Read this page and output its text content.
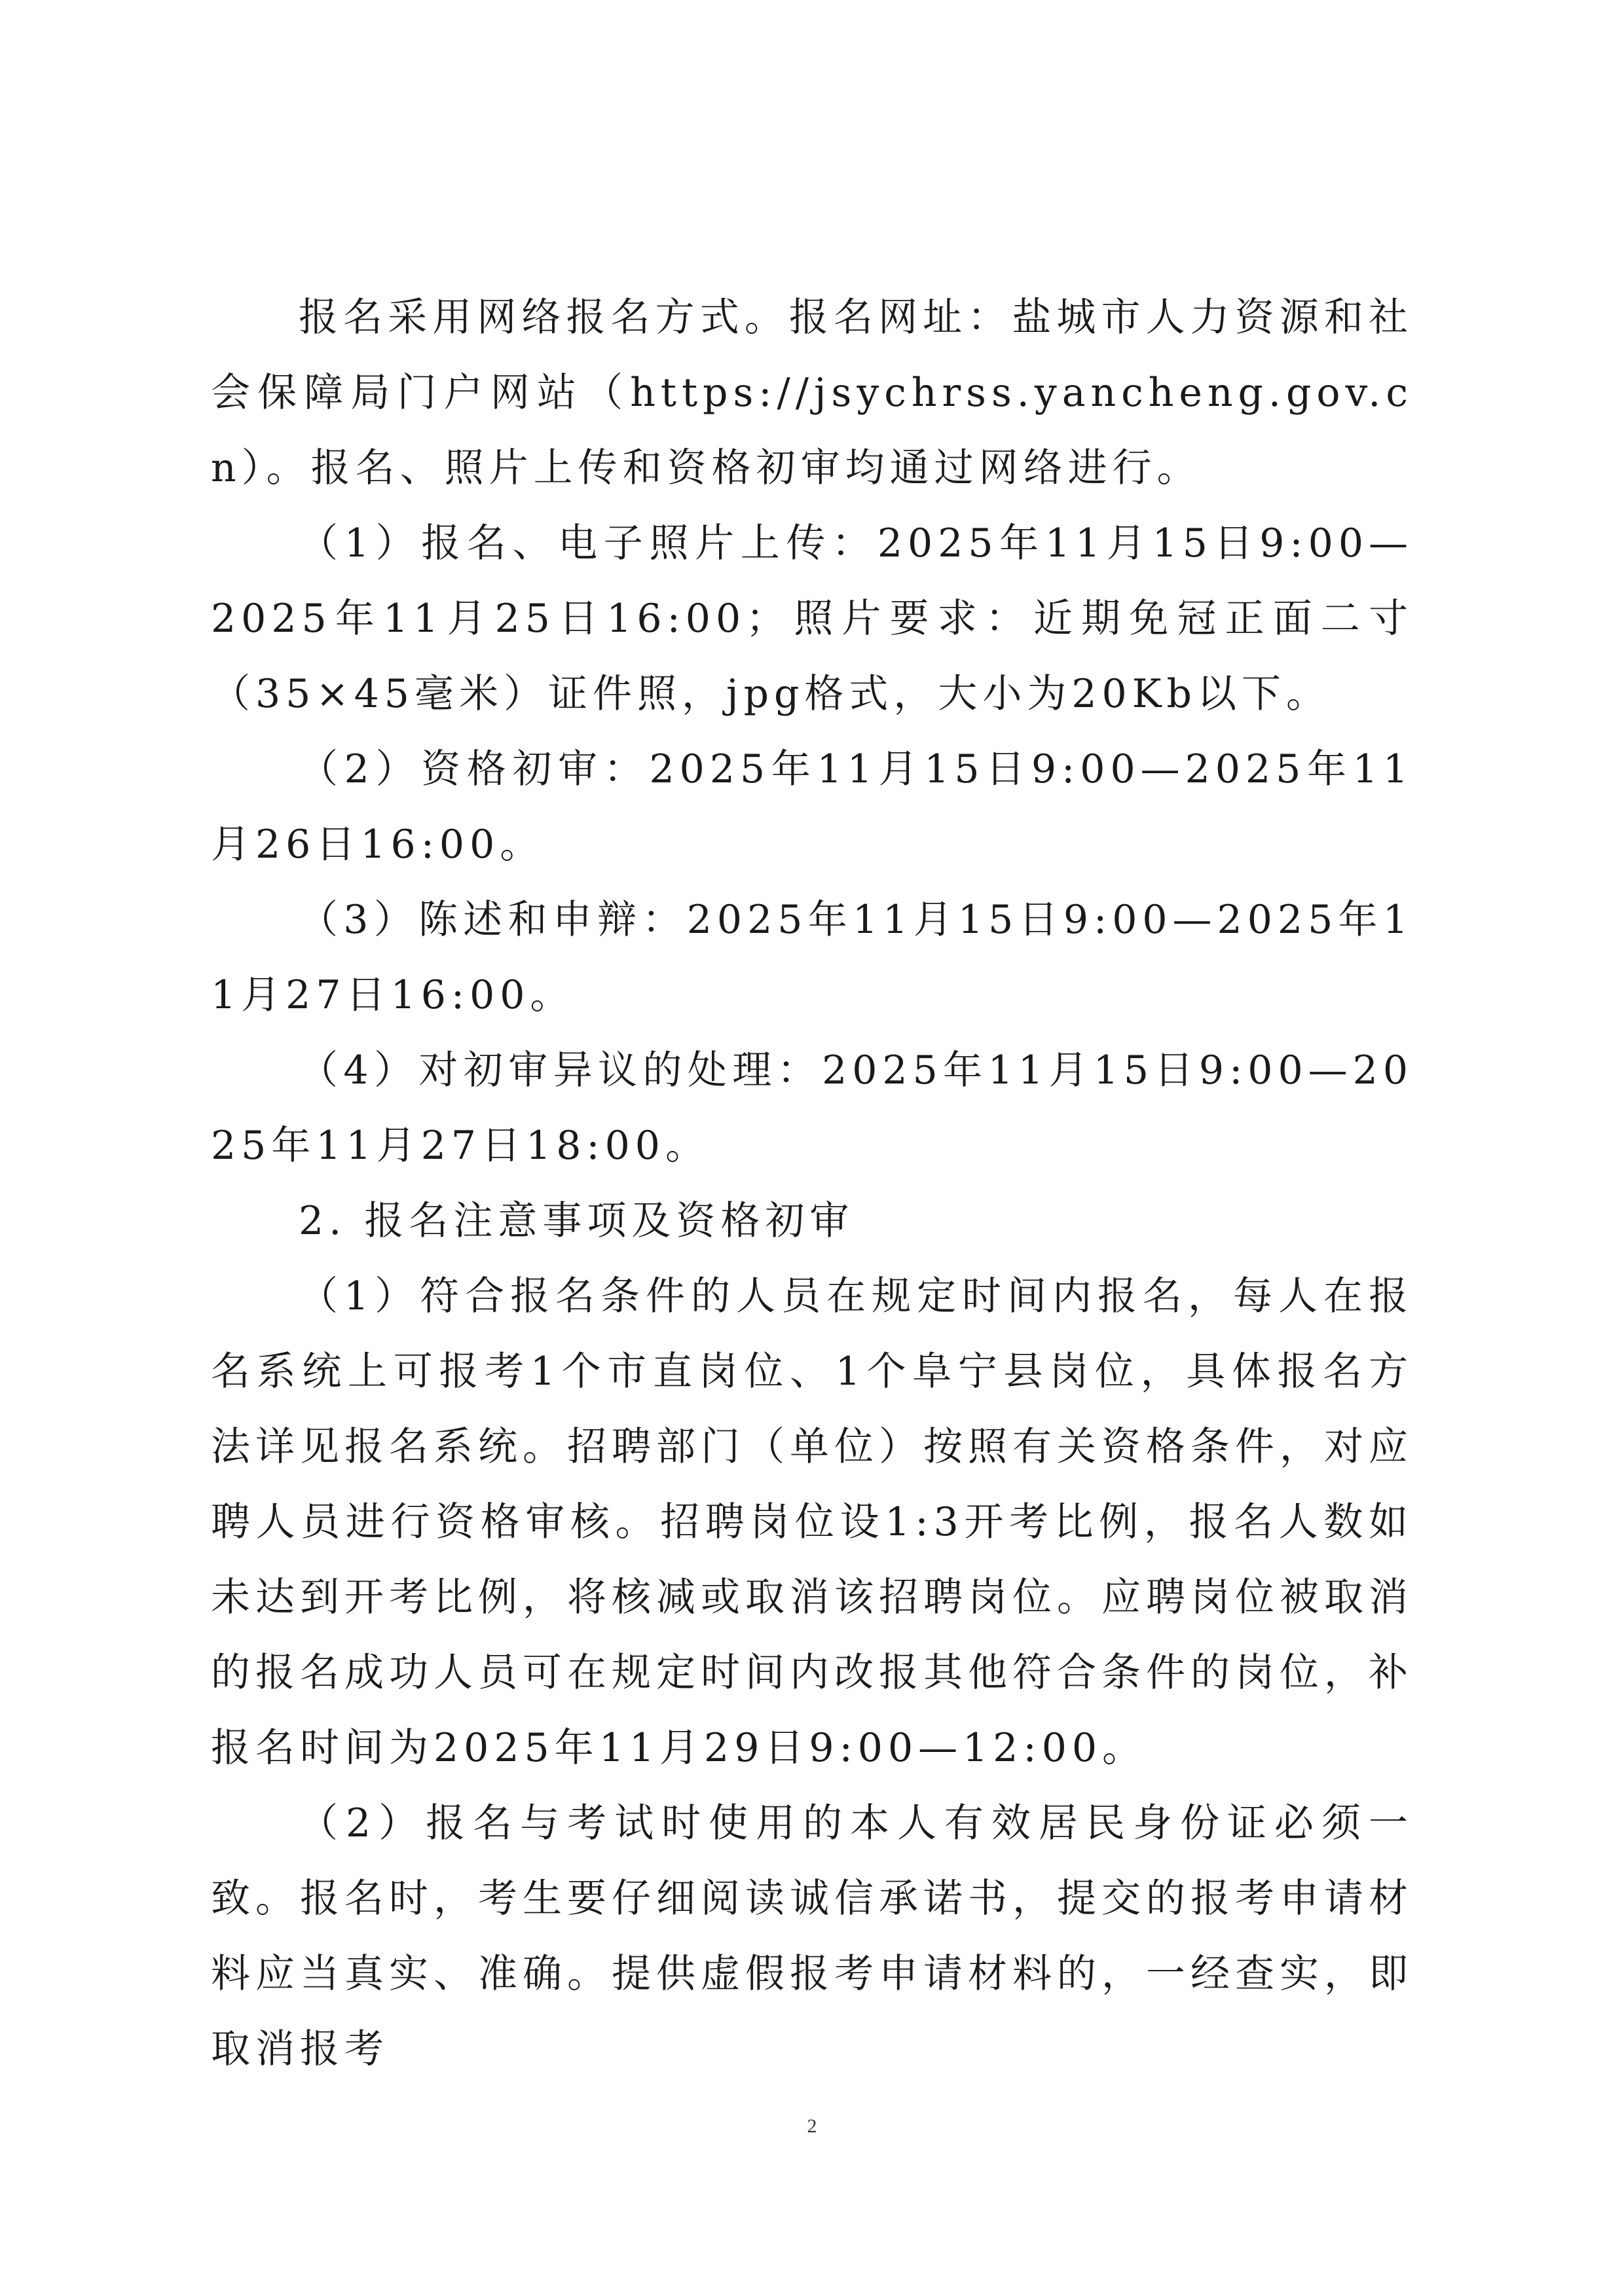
报名采用网络报名方式。报名网址：盐城市人力资源和社会保障局门户网站（https://jsychrss.yancheng.gov.cn）。报名、照片上传和资格初审均通过网络进行。

（1）报名、电子照片上传：2025年11月15日9:00—2025年11月25日16:00；照片要求：近期免冠正面二寸（35×45毫米）证件照，jpg格式，大小为20Kb以下。

（2）资格初审：2025年11月15日9:00—2025年11月26日16:00。

（3）陈述和申辩：2025年11月15日9:00—2025年11月27日16:00。

（4）对初审异议的处理：2025年11月15日9:00—2025年11月27日18:00。

2. 报名注意事项及资格初审

（1）符合报名条件的人员在规定时间内报名，每人在报名系统上可报考1个市直岗位、1个阜宁县岗位，具体报名方法详见报名系统。招聘部门（单位）按照有关资格条件，对应聘人员进行资格审核。招聘岗位设1:3开考比例，报名人数如未达到开考比例，将核减或取消该招聘岗位。应聘岗位被取消的报名成功人员可在规定时间内改报其他符合条件的岗位，补报名时间为2025年11月29日9:00—12:00。

（2）报名与考试时使用的本人有效居民身份证必须一致。报名时，考生要仔细阅读诚信承诺书，提交的报考申请材料应当真实、准确。提供虚假报考申请材料的，一经查实，即取消报考

2
